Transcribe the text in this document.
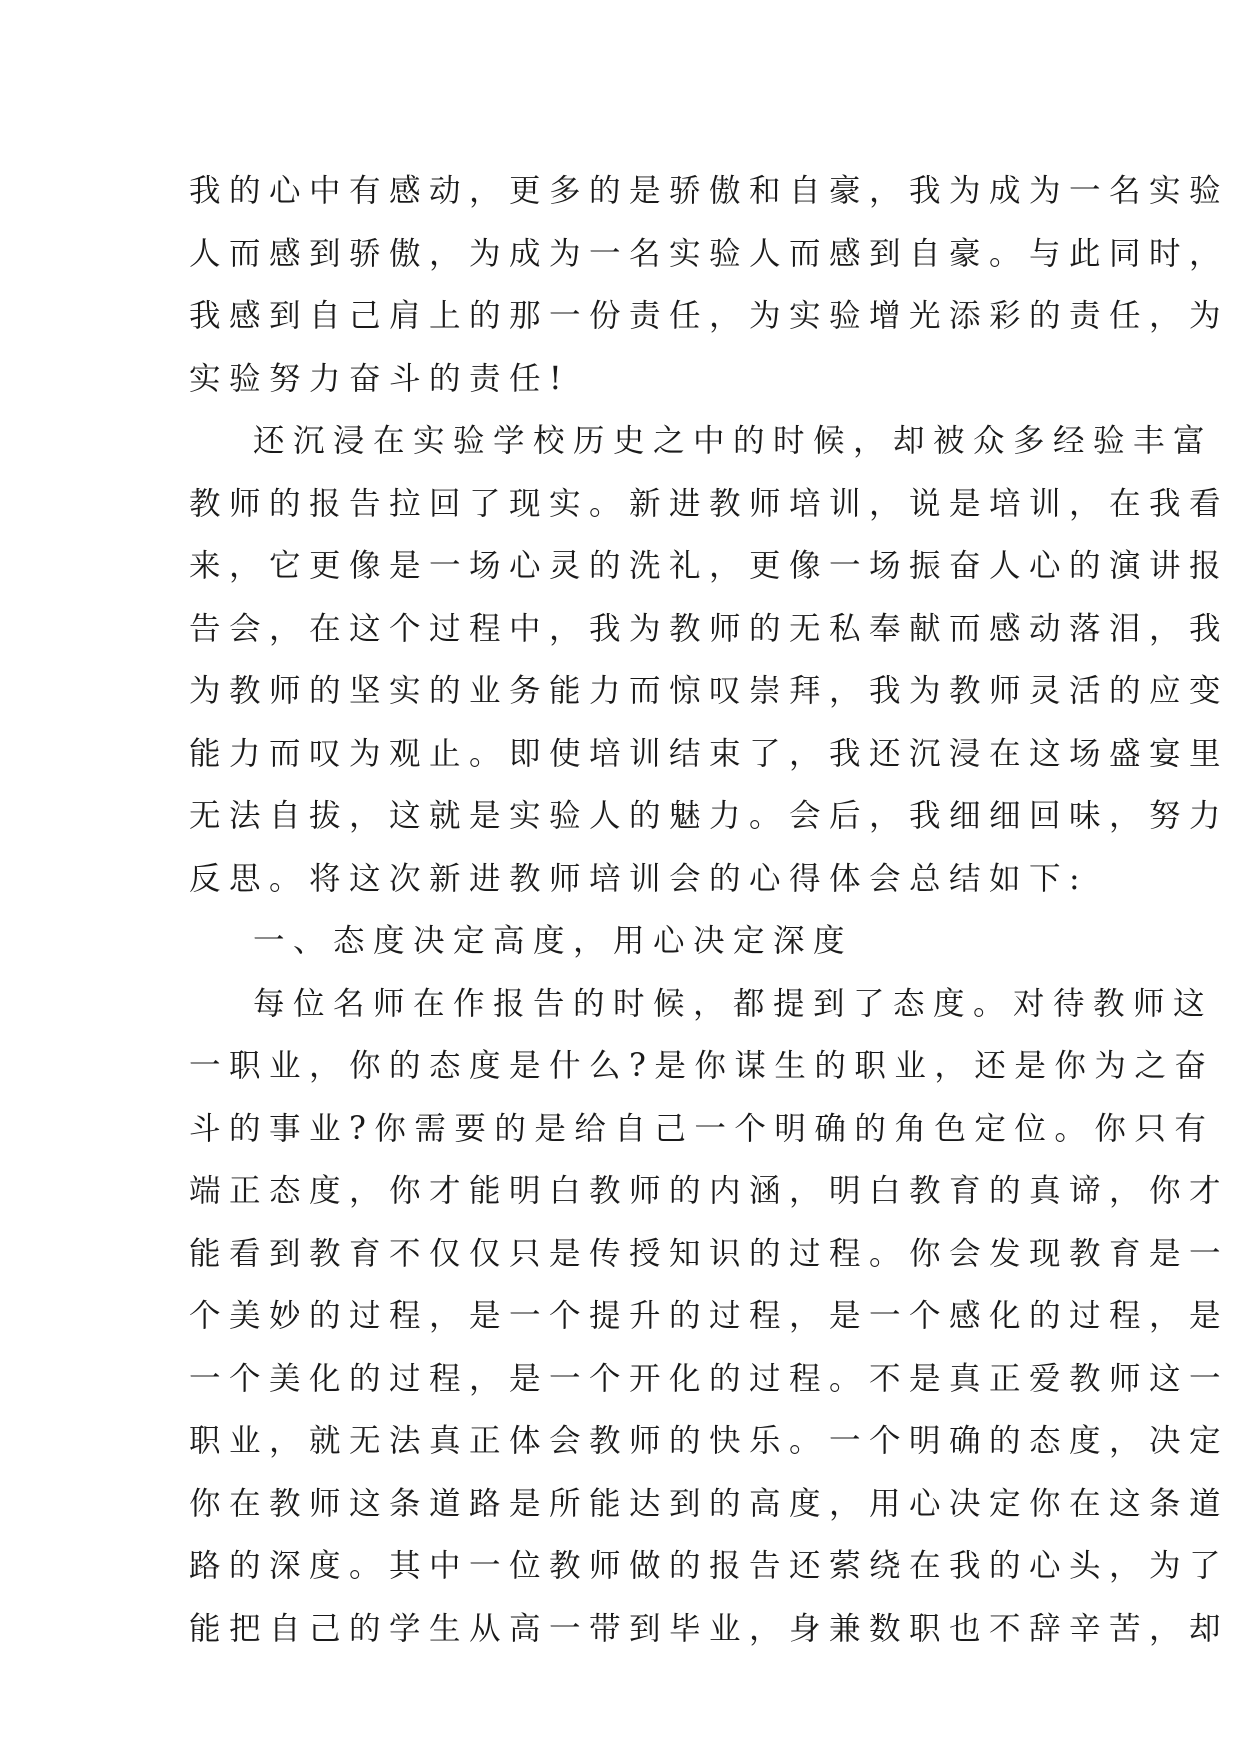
我的心中有感动，更多的是骄傲和自豪，我为成为一名实验
人而感到骄傲，为成为一名实验人而感到自豪。与此同时，
我感到自己肩上的那一份责任，为实验增光添彩的责任，为
实验努力奋斗的责任!
还沉浸在实验学校历史之中的时候，却被众多经验丰富
教师的报告拉回了现实。新进教师培训，说是培训，在我看
来，它更像是一场心灵的洗礼，更像一场振奋人心的演讲报
告会，在这个过程中，我为教师的无私奉献而感动落泪，我
为教师的坚实的业务能力而惊叹崇拜，我为教师灵活的应变
能力而叹为观止。即使培训结束了，我还沉浸在这场盛宴里
无法自拔，这就是实验人的魅力。会后，我细细回味，努力
反思。将这次新进教师培训会的心得体会总结如下:
一、态度决定高度，用心决定深度
每位名师在作报告的时候，都提到了态度。对待教师这
一职业，你的态度是什么?是你谋生的职业，还是你为之奋
斗的事业?你需要的是给自己一个明确的角色定位。你只有
端正态度，你才能明白教师的内涵，明白教育的真谛，你才
能看到教育不仅仅只是传授知识的过程。你会发现教育是一
个美妙的过程，是一个提升的过程，是一个感化的过程，是
一个美化的过程，是一个开化的过程。不是真正爱教师这一
职业，就无法真正体会教师的快乐。一个明确的态度，决定
你在教师这条道路是所能达到的高度，用心决定你在这条道
路的深度。其中一位教师做的报告还萦绕在我的心头，为了
能把自己的学生从高一带到毕业，身兼数职也不辞辛苦，却
